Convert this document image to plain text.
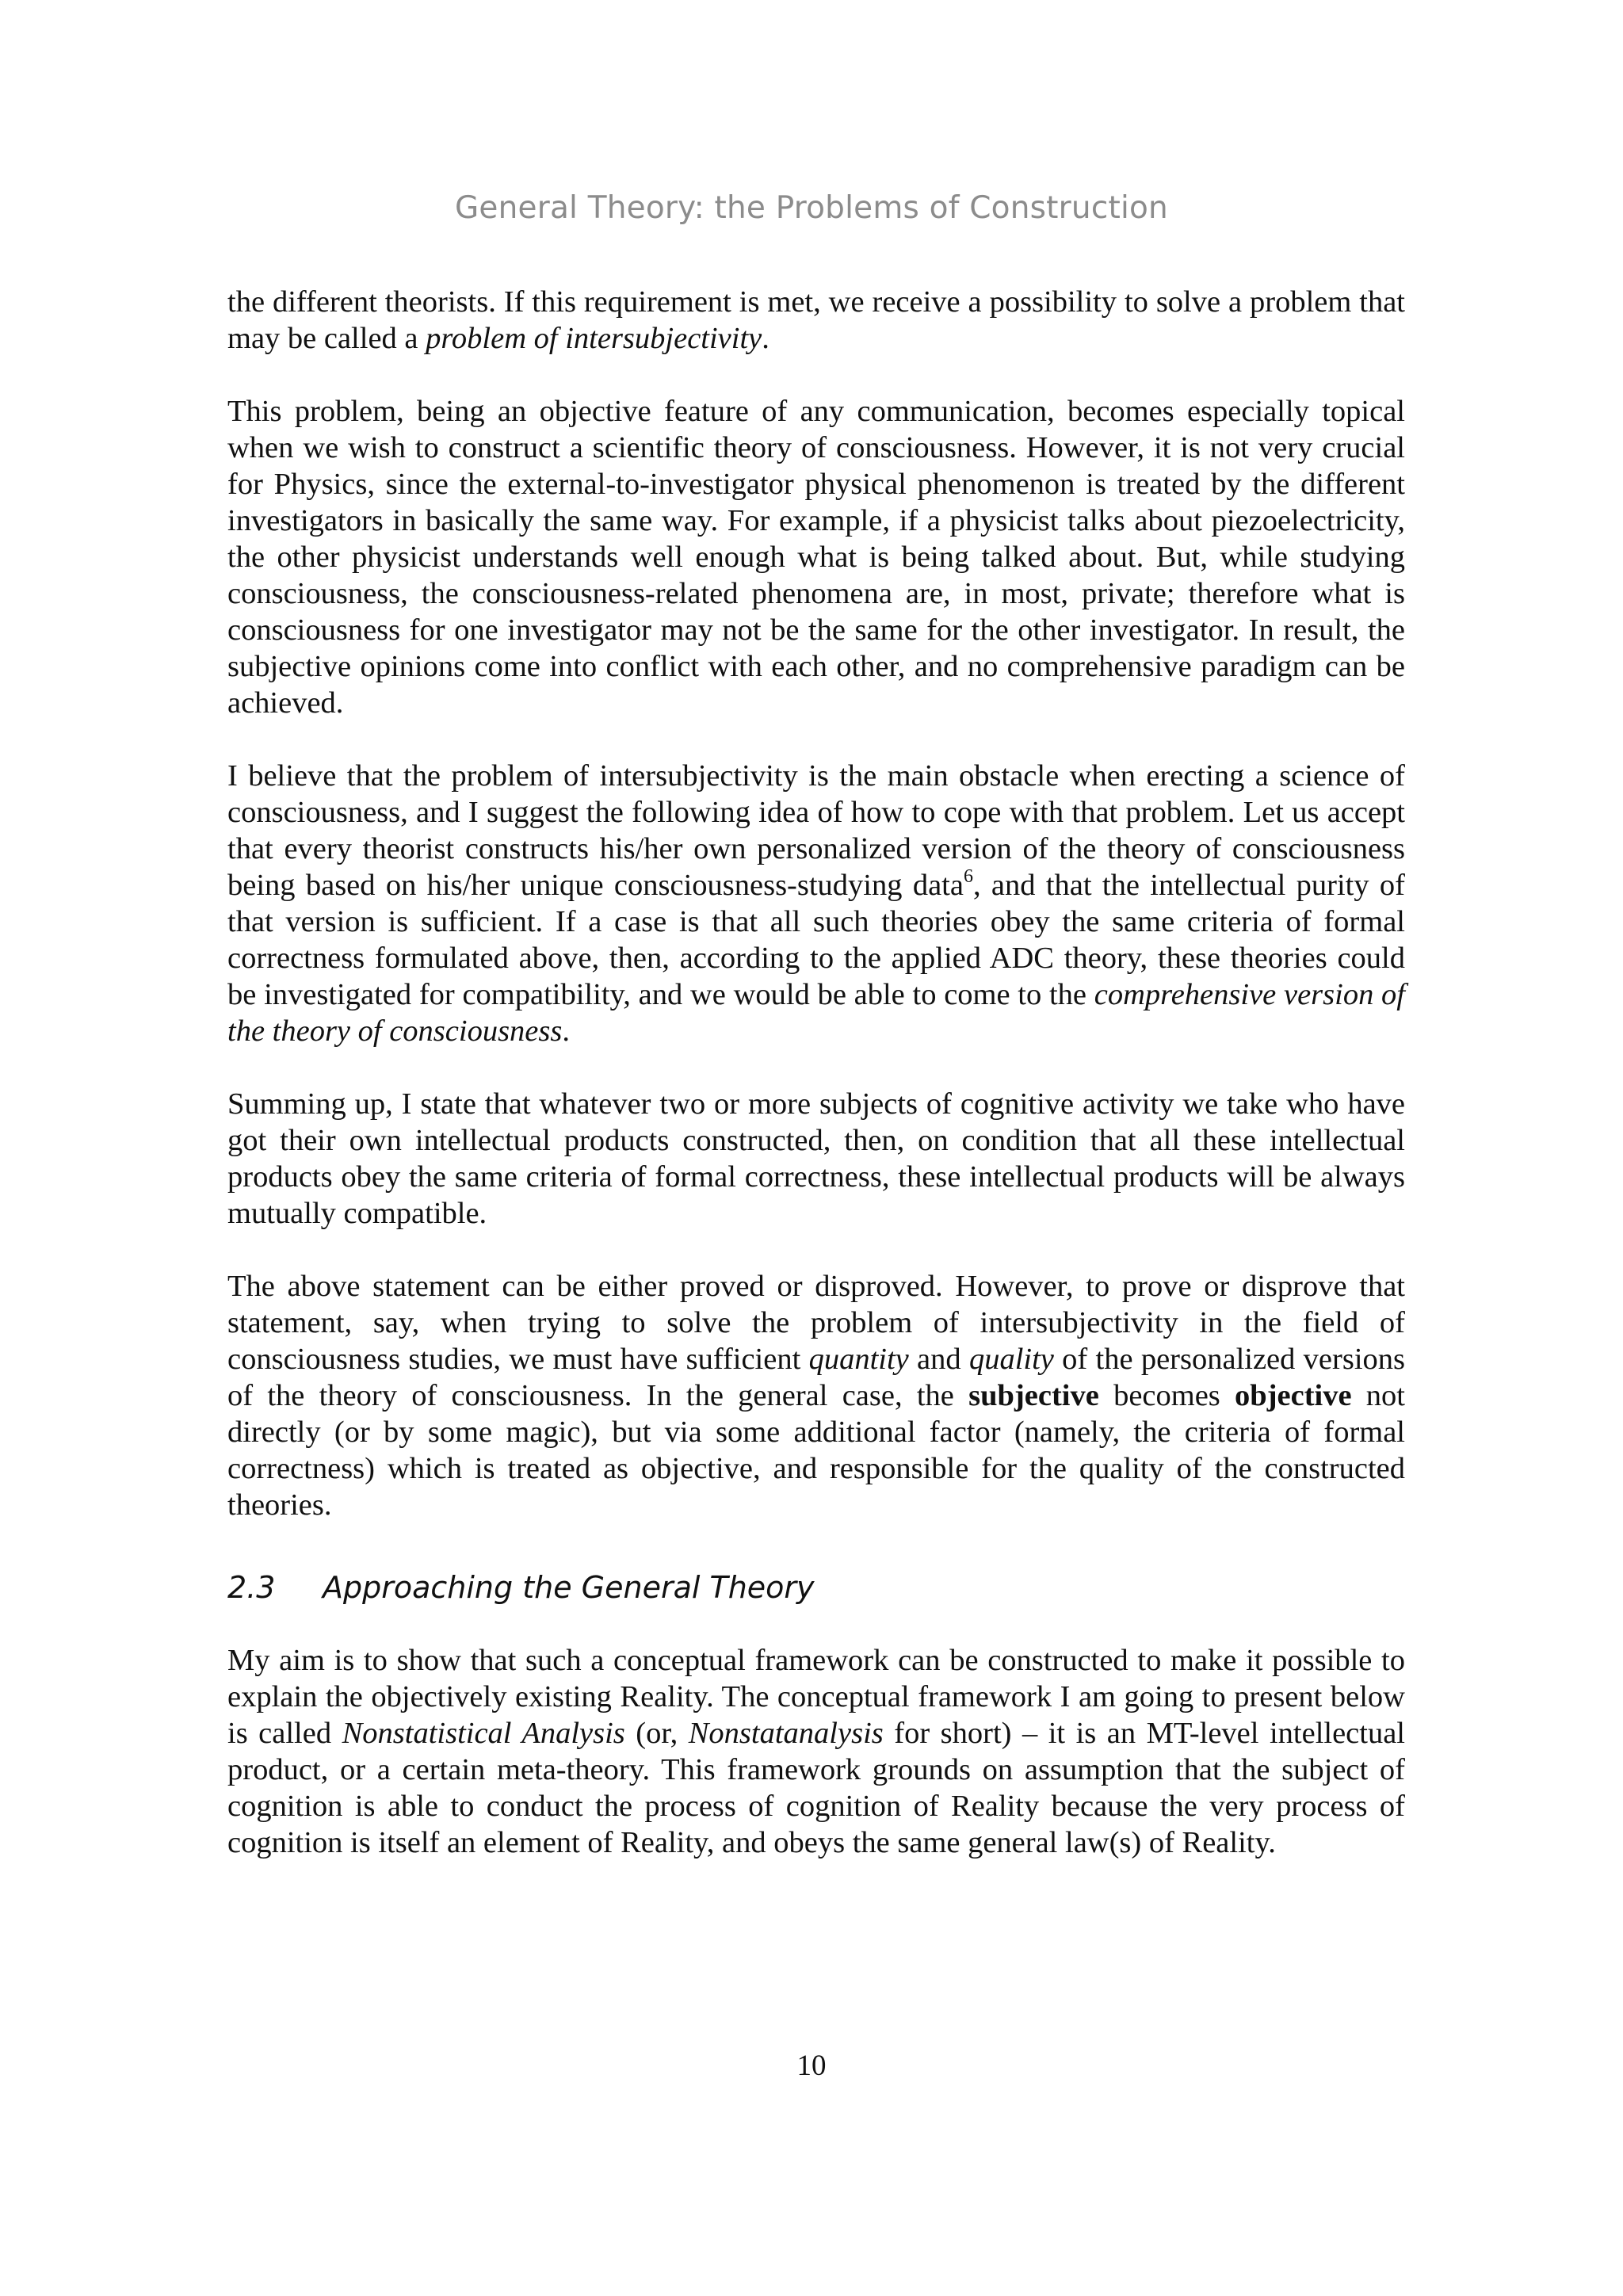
General Theory: the Problems of Construction

the different theorists. If this requirement is met, we receive a possibility to solve a problem that may be called a problem of intersubjectivity.

This problem, being an objective feature of any communication, becomes especially topical when we wish to construct a scientific theory of consciousness. However, it is not very crucial for Physics, since the external-to-investigator physical phenomenon is treated by the different investigators in basically the same way. For example, if a physicist talks about piezoelectricity, the other physicist understands well enough what is being talked about. But, while studying consciousness, the consciousness-related phenomena are, in most, private; therefore what is consciousness for one investigator may not be the same for the other investigator. In result, the subjective opinions come into conflict with each other, and no comprehensive paradigm can be achieved.

I believe that the problem of intersubjectivity is the main obstacle when erecting a science of consciousness, and I suggest the following idea of how to cope with that problem. Let us accept that every theorist constructs his/her own personalized version of the theory of consciousness being based on his/her unique consciousness-studying data$^6$, and that the intellectual purity of that version is sufficient. If a case is that all such theories obey the same criteria of formal correctness formulated above, then, according to the applied ADC theory, these theories could be investigated for compatibility, and we would be able to come to the comprehensive version of the theory of consciousness.

Summing up, I state that whatever two or more subjects of cognitive activity we take who have got their own intellectual products constructed, then, on condition that all these intellectual products obey the same criteria of formal correctness, these intellectual products will be always mutually compatible.

The above statement can be either proved or disproved. However, to prove or disprove that statement, say, when trying to solve the problem of intersubjectivity in the field of consciousness studies, we must have sufficient quantity and quality of the personalized versions of the theory of consciousness. In the general case, the subjective becomes objective not directly (or by some magic), but via some additional factor (namely, the criteria of formal correctness) which is treated as objective, and responsible for the quality of the constructed theories.

2.3 Approaching the General Theory

My aim is to show that such a conceptual framework can be constructed to make it possible to explain the objectively existing Reality. The conceptual framework I am going to present below is called Nonstatistical Analysis (or, Nonstatanalysis for short) – it is an MT-level intellectual product, or a certain meta-theory. This framework grounds on assumption that the subject of cognition is able to conduct the process of cognition of Reality because the very process of cognition is itself an element of Reality, and obeys the same general law(s) of Reality.

10
